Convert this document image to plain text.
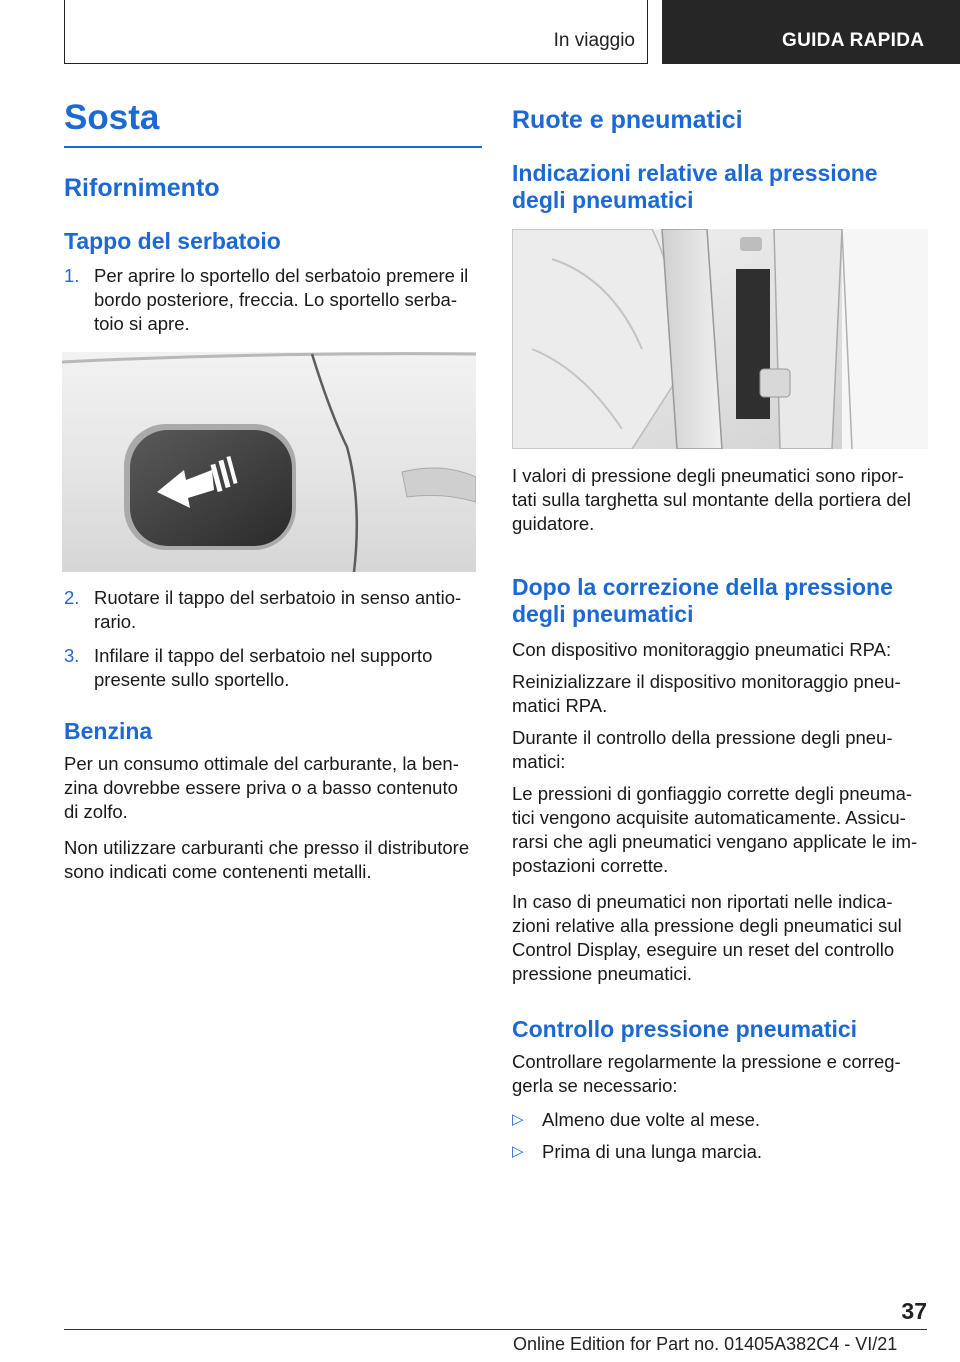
In viaggio	GUIDA RAPIDA
Sosta
Rifornimento
Tappo del serbatoio
1. Per aprire lo sportello del serbatoio premere il
bordo posteriore, freccia. Lo sportello serba-
toio si apre.
2. Ruotare il tappo del serbatoio in senso antio-
rario.
3. Infilare il tappo del serbatoio nel supporto
presente sullo sportello.
Benzina
Per un consumo ottimale del carburante, la ben-
zina dovrebbe essere priva o a basso contenuto
di zolfo.
Non utilizzare carburanti che presso il distributore
sono indicati come contenenti metalli.
Ruote e pneumatici
Indicazioni relative alla pressione
degli pneumatici
I valori di pressione degli pneumatici sono ripor-
tati sulla targhetta sul montante della portiera del
guidatore.
Dopo la correzione della pressione
degli pneumatici
Con dispositivo monitoraggio pneumatici RPA:
Reinizializzare il dispositivo monitoraggio pneu-
matici RPA.
Durante il controllo della pressione degli pneu-
matici:
Le pressioni di gonfiaggio corrette degli pneuma-
tici vengono acquisite automaticamente. Assicu-
rarsi che agli pneumatici vengano applicate le im-
postazioni corrette.
In caso di pneumatici non riportati nelle indica-
zioni relative alla pressione degli pneumatici sul
Control Display, eseguire un reset del controllo
pressione pneumatici.
Controllo pressione pneumatici
Controllare regolarmente la pressione e correg-
gerla se necessario:
▷ Almeno due volte al mese.
▷ Prima di una lunga marcia.
37
Online Edition for Part no. 01405A382C4 - VI/21
